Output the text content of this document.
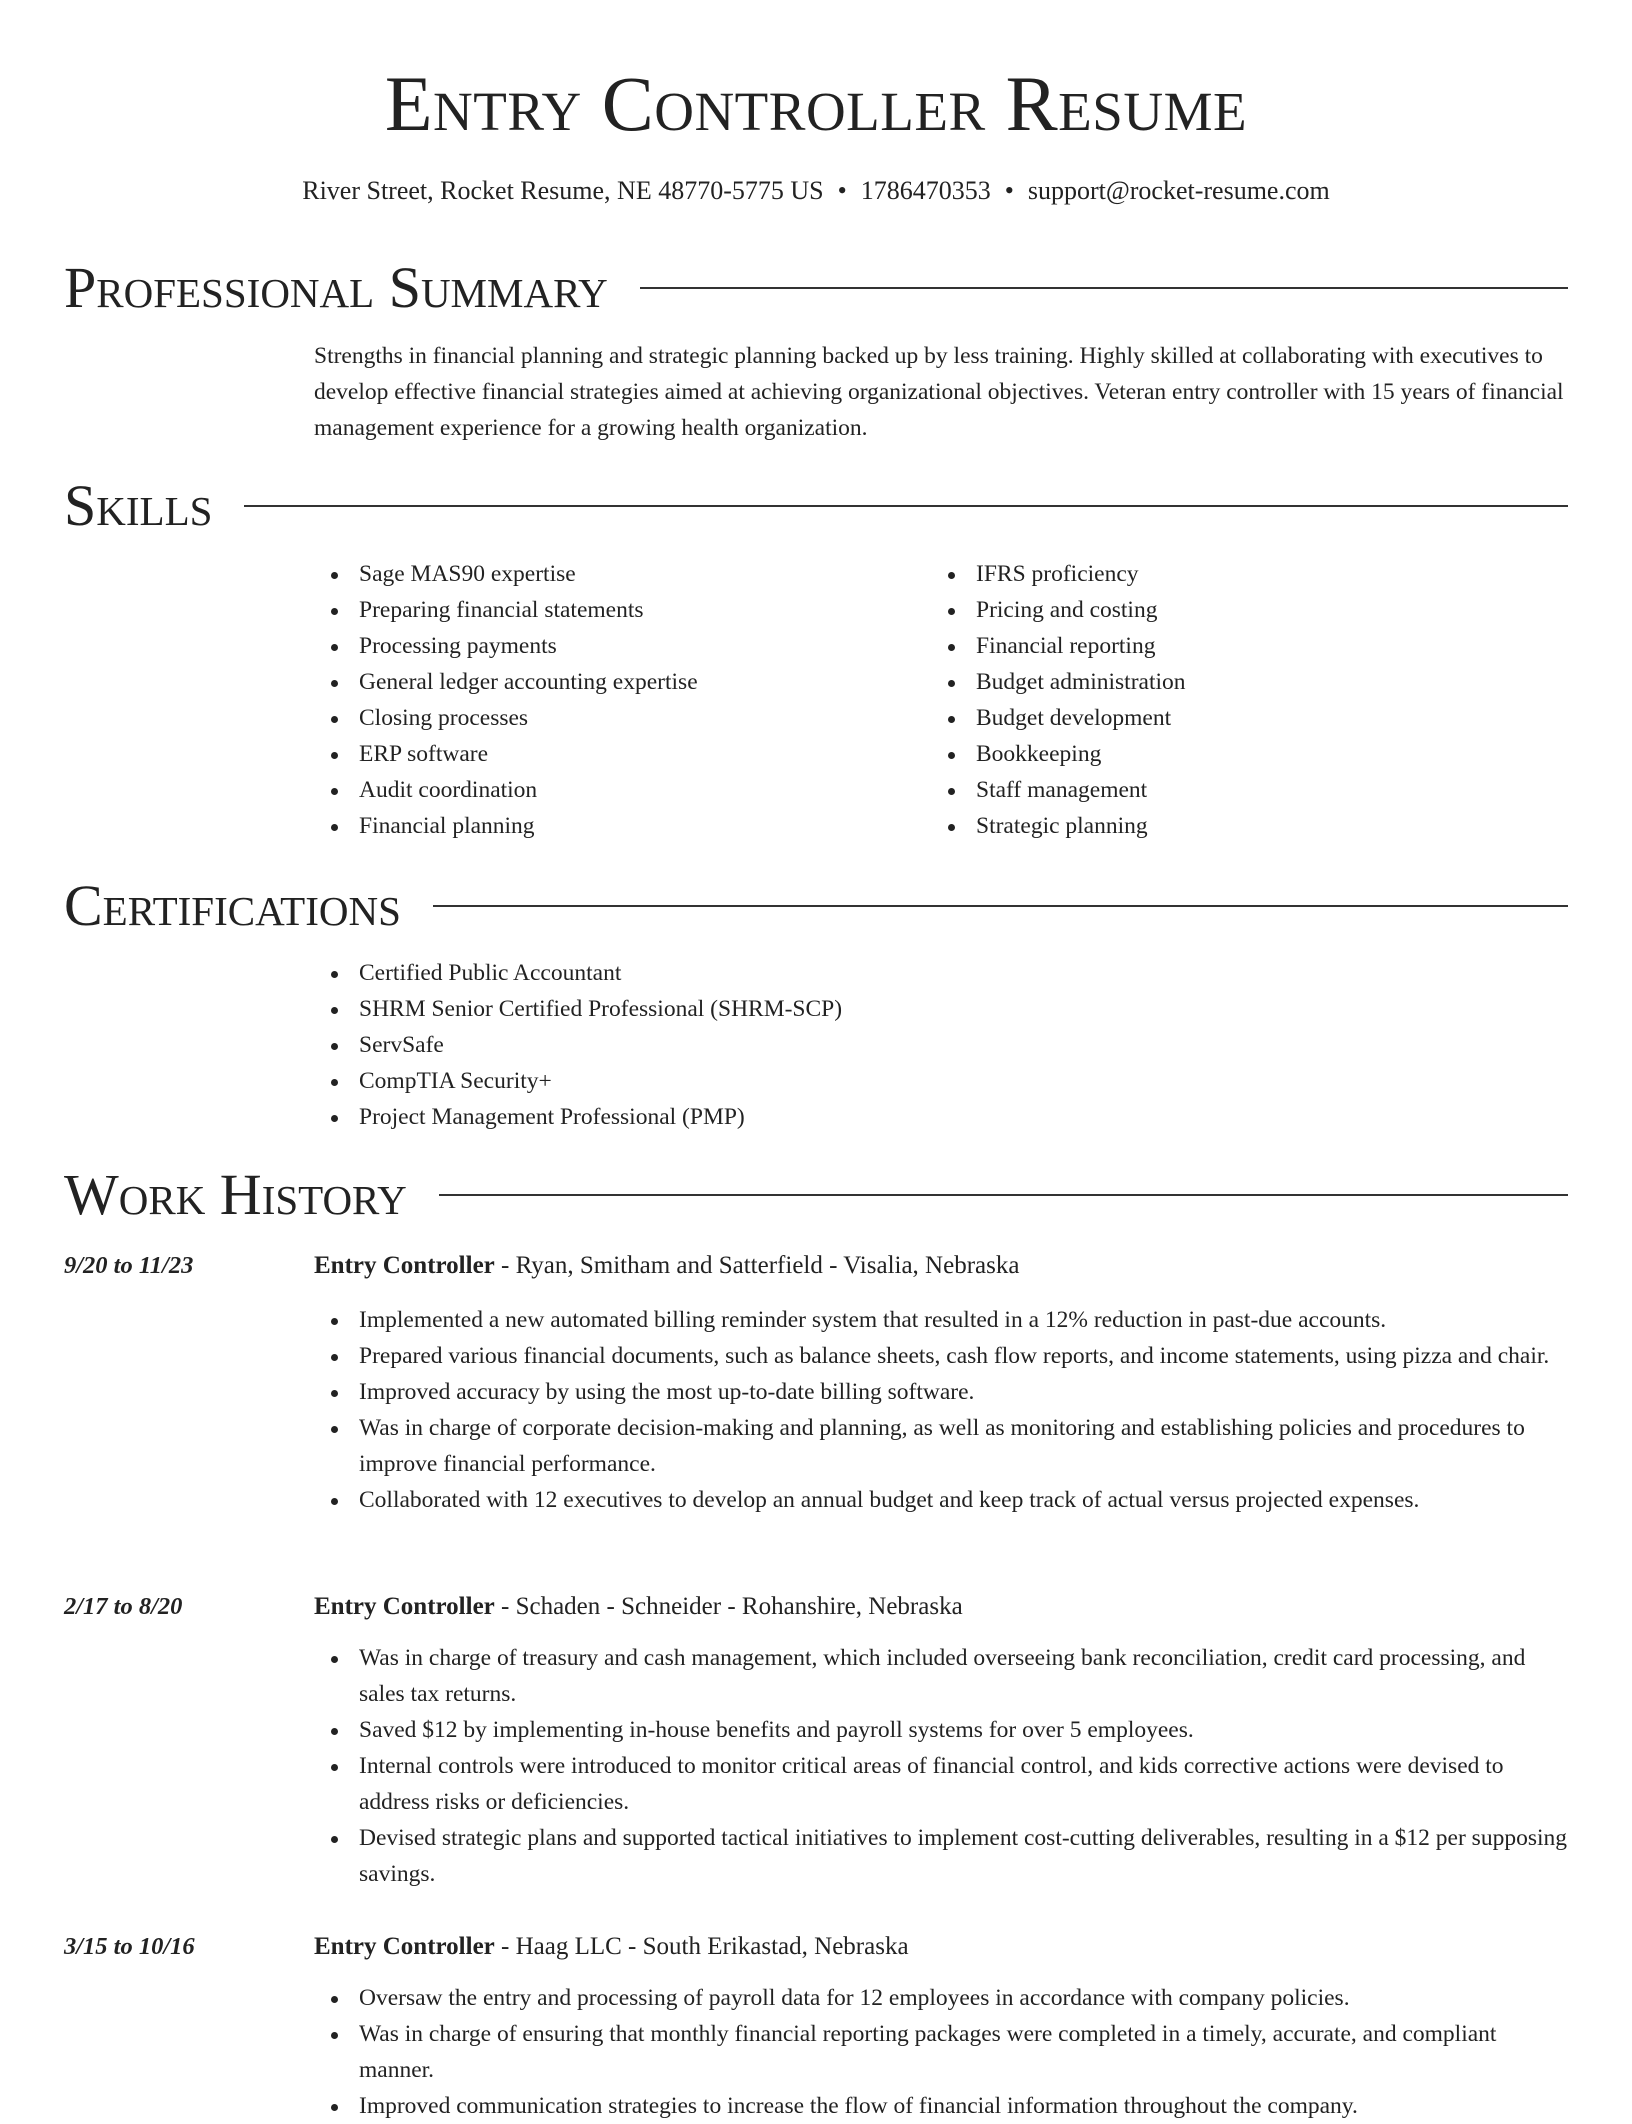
Entry Controller Resume
River Street, Rocket Resume, NE 48770-5775 US • 1786470353 • support@rocket-resume.com
Professional Summary
Strengths in financial planning and strategic planning backed up by less training. Highly skilled at collaborating with executives to develop effective financial strategies aimed at achieving organizational objectives. Veteran entry controller with 15 years of financial management experience for a growing health organization.
Skills
Sage MAS90 expertise
Preparing financial statements
Processing payments
General ledger accounting expertise
Closing processes
ERP software
Audit coordination
Financial planning
IFRS proficiency
Pricing and costing
Financial reporting
Budget administration
Budget development
Bookkeeping
Staff management
Strategic planning
Certifications
Certified Public Accountant
SHRM Senior Certified Professional (SHRM-SCP)
ServSafe
CompTIA Security+
Project Management Professional (PMP)
Work History
9/20 to 11/23	Entry Controller - Ryan, Smitham and Satterfield - Visalia, Nebraska
Implemented a new automated billing reminder system that resulted in a 12% reduction in past-due accounts.
Prepared various financial documents, such as balance sheets, cash flow reports, and income statements, using pizza and chair.
Improved accuracy by using the most up-to-date billing software.
Was in charge of corporate decision-making and planning, as well as monitoring and establishing policies and procedures to improve financial performance.
Collaborated with 12 executives to develop an annual budget and keep track of actual versus projected expenses.
2/17 to 8/20	Entry Controller - Schaden - Schneider - Rohanshire, Nebraska
Was in charge of treasury and cash management, which included overseeing bank reconciliation, credit card processing, and sales tax returns.
Saved $12 by implementing in-house benefits and payroll systems for over 5 employees.
Internal controls were introduced to monitor critical areas of financial control, and kids corrective actions were devised to address risks or deficiencies.
Devised strategic plans and supported tactical initiatives to implement cost-cutting deliverables, resulting in a $12 per supposing savings.
3/15 to 10/16	Entry Controller - Haag LLC - South Erikastad, Nebraska
Oversaw the entry and processing of payroll data for 12 employees in accordance with company policies.
Was in charge of ensuring that monthly financial reporting packages were completed in a timely, accurate, and compliant manner.
Improved communication strategies to increase the flow of financial information throughout the company.
